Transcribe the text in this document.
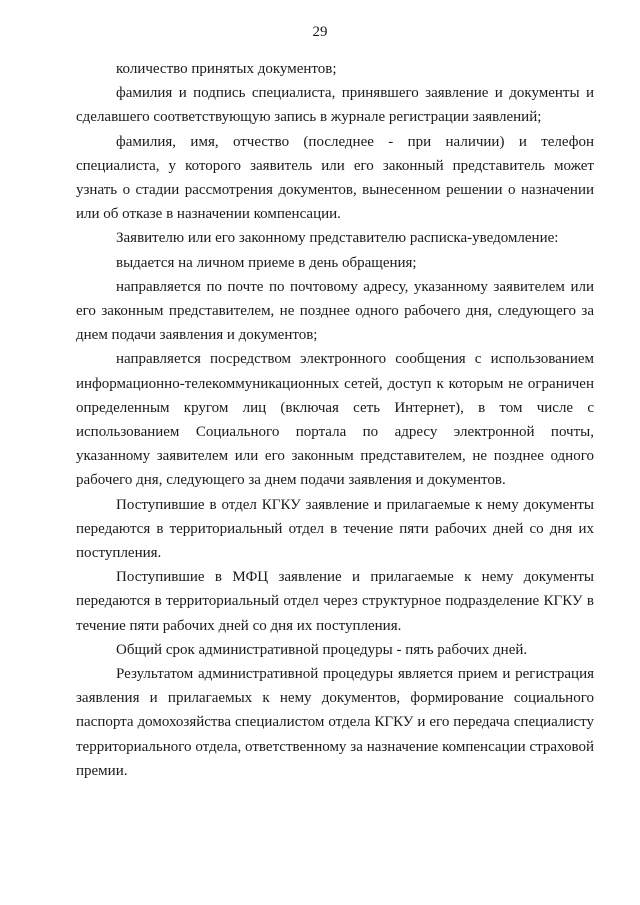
29

количество принятых документов;

фамилия и подпись специалиста, принявшего заявление и документы и сделавшего соответствующую запись в журнале регистрации заявлений;

фамилия, имя, отчество (последнее - при наличии) и телефон специалиста, у которого заявитель или его законный представитель может узнать о стадии рассмотрения документов, вынесенном решении о назначении или об отказе в назначении компенсации.

Заявителю или его законному представителю расписка-уведомление:

выдается на личном приеме в день обращения;

направляется по почте по почтовому адресу, указанному заявителем или его законным представителем, не позднее одного рабочего дня, следующего за днем подачи заявления и документов;

направляется посредством электронного сообщения с использованием информационно-телекоммуникационных сетей, доступ к которым не ограничен определенным кругом лиц (включая сеть Интернет), в том числе с использованием Социального портала по адресу электронной почты, указанному заявителем или его законным представителем, не позднее одного рабочего дня, следующего за днем подачи заявления и документов.

Поступившие в отдел КГКУ заявление и прилагаемые к нему документы передаются в территориальный отдел в течение пяти рабочих дней со дня их поступления.

Поступившие в МФЦ заявление и прилагаемые к нему документы передаются в территориальный отдел через структурное подразделение КГКУ в течение пяти рабочих дней со дня их поступления.

Общий срок административной процедуры - пять рабочих дней.

Результатом административной процедуры является прием и регистрация заявления и прилагаемых к нему документов, формирование социального паспорта домохозяйства специалистом отдела КГКУ и его передача специалисту территориального отдела, ответственному за назначение компенсации страховой премии.
